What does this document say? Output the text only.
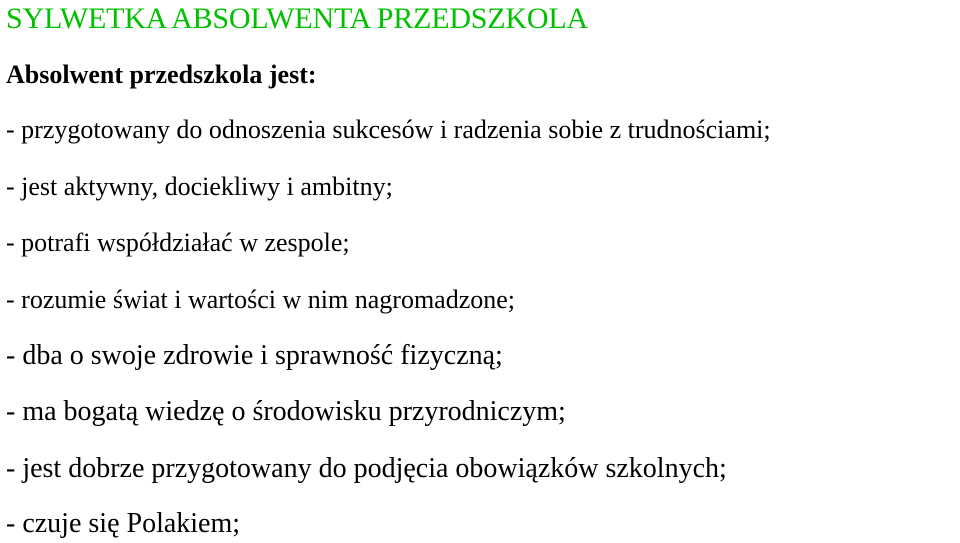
SYLWETKA ABSOLWENTA PRZEDSZKOLA
Absolwent przedszkola jest:
- przygotowany do odnoszenia sukcesów i radzenia sobie z trudnościami;
- jest aktywny, dociekliwy i ambitny;
- potrafi współdziałać w zespole;
- rozumie świat i wartości w nim nagromadzone;
- dba o swoje zdrowie i sprawność fizyczną;
- ma bogatą wiedzę o środowisku przyrodniczym;
- jest dobrze przygotowany do podjęcia obowiązków szkolnych;
- czuje się Polakiem;
